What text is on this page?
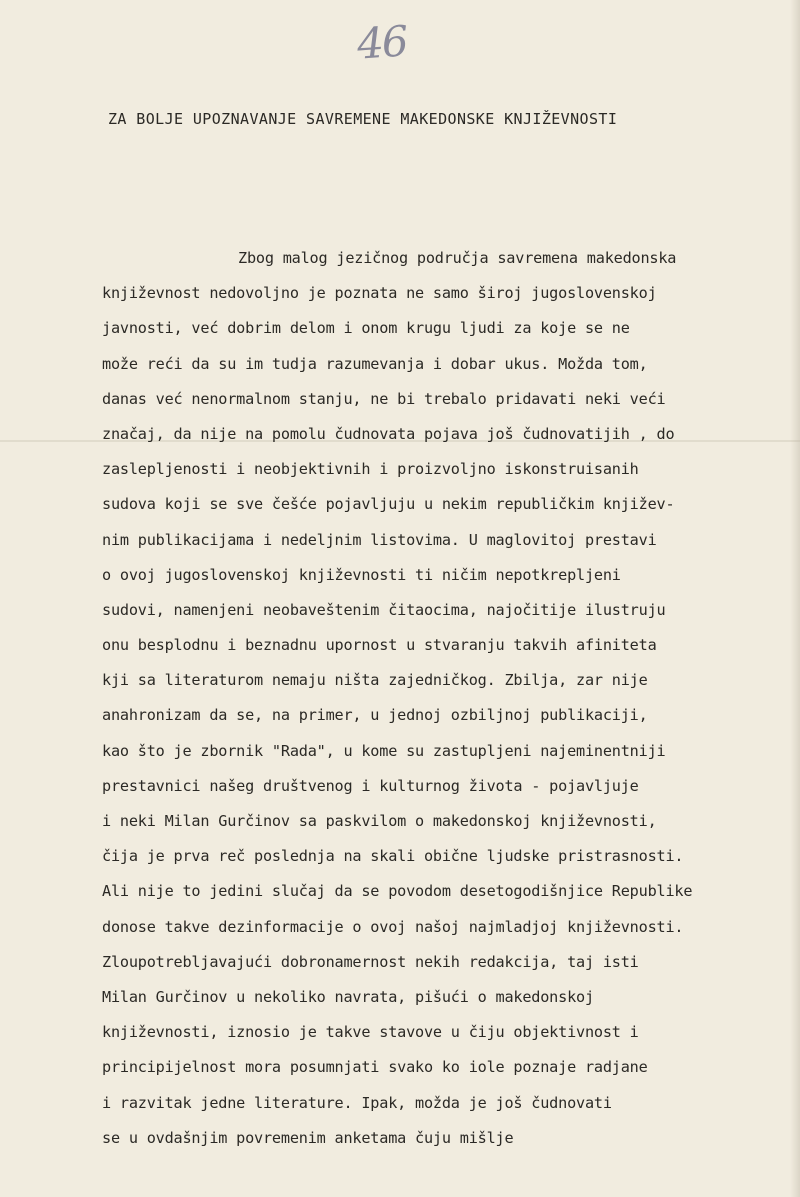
46

ZA BOLJE UPOZNAVANJE SAVREMENE MAKEDONSKE KNJIŽEVNOSTI
Zbog malog jezičnog područja savremena makedonska
književnost nedovoljno je poznata ne samo široj jugoslovenskoj
javnosti, već dobrim delom i onom krugu ljudi za koje se ne
može reći da su im tudja razumevanja i dobar ukus. Možda tom,
danas već nenormalnom stanju, ne bi trebalo pridavati neki veći
značaj, da nije na pomolu čudnovata pojava još čudnovatijih , do
zaslepljenosti i neobjektivnih i proizvoljno iskonstruisanih
sudova koji se sve češće pojavljuju u nekim republičkim književ-
nim publikacijama i nedeljnim listovima. U maglovitoj prestavi
o ovoj jugoslovenskoj književnosti ti ničim nepotkrepljeni
sudovi, namenjeni neobaveštenim čitaocima, najočitije ilustruju
onu besplodnu i beznadnu upornost u stvaranju takvih afiniteta
kji sa literaturom nemaju ništa zajedničkog. Zbilja, zar nije
anahronizam da se, na primer, u jednoj ozbiljnoj publikaciji,
kao što je zbornik "Rada", u kome su zastupljeni najeminentniji
prestavnici našeg društvenog i kulturnog života - pojavljuje
i neki Milan Gurčinov sa paskvilom o makedonskoj književnosti,
čija je prva reč poslednja na skali obične ljudske pristrasnosti.
Ali nije to jedini slučaj da se povodom desetogodišnjice Republike
donose takve dezinformacije o ovoj našoj najmladjoj književnosti.
Zloupotrebljavajući dobronamernost nekih redakcija, taj isti
Milan Gurčinov u nekoliko navrata, pišući o makedonskoj
književnosti, iznosio je takve stavove u čiju objektivnost i
principijelnost mora posumnjati svako ko iole poznaje radjane
i razvitak jedne literature. Ipak, možda je još čudnovati
se u ovdašnjim povremenim anketama čuju mišlje
